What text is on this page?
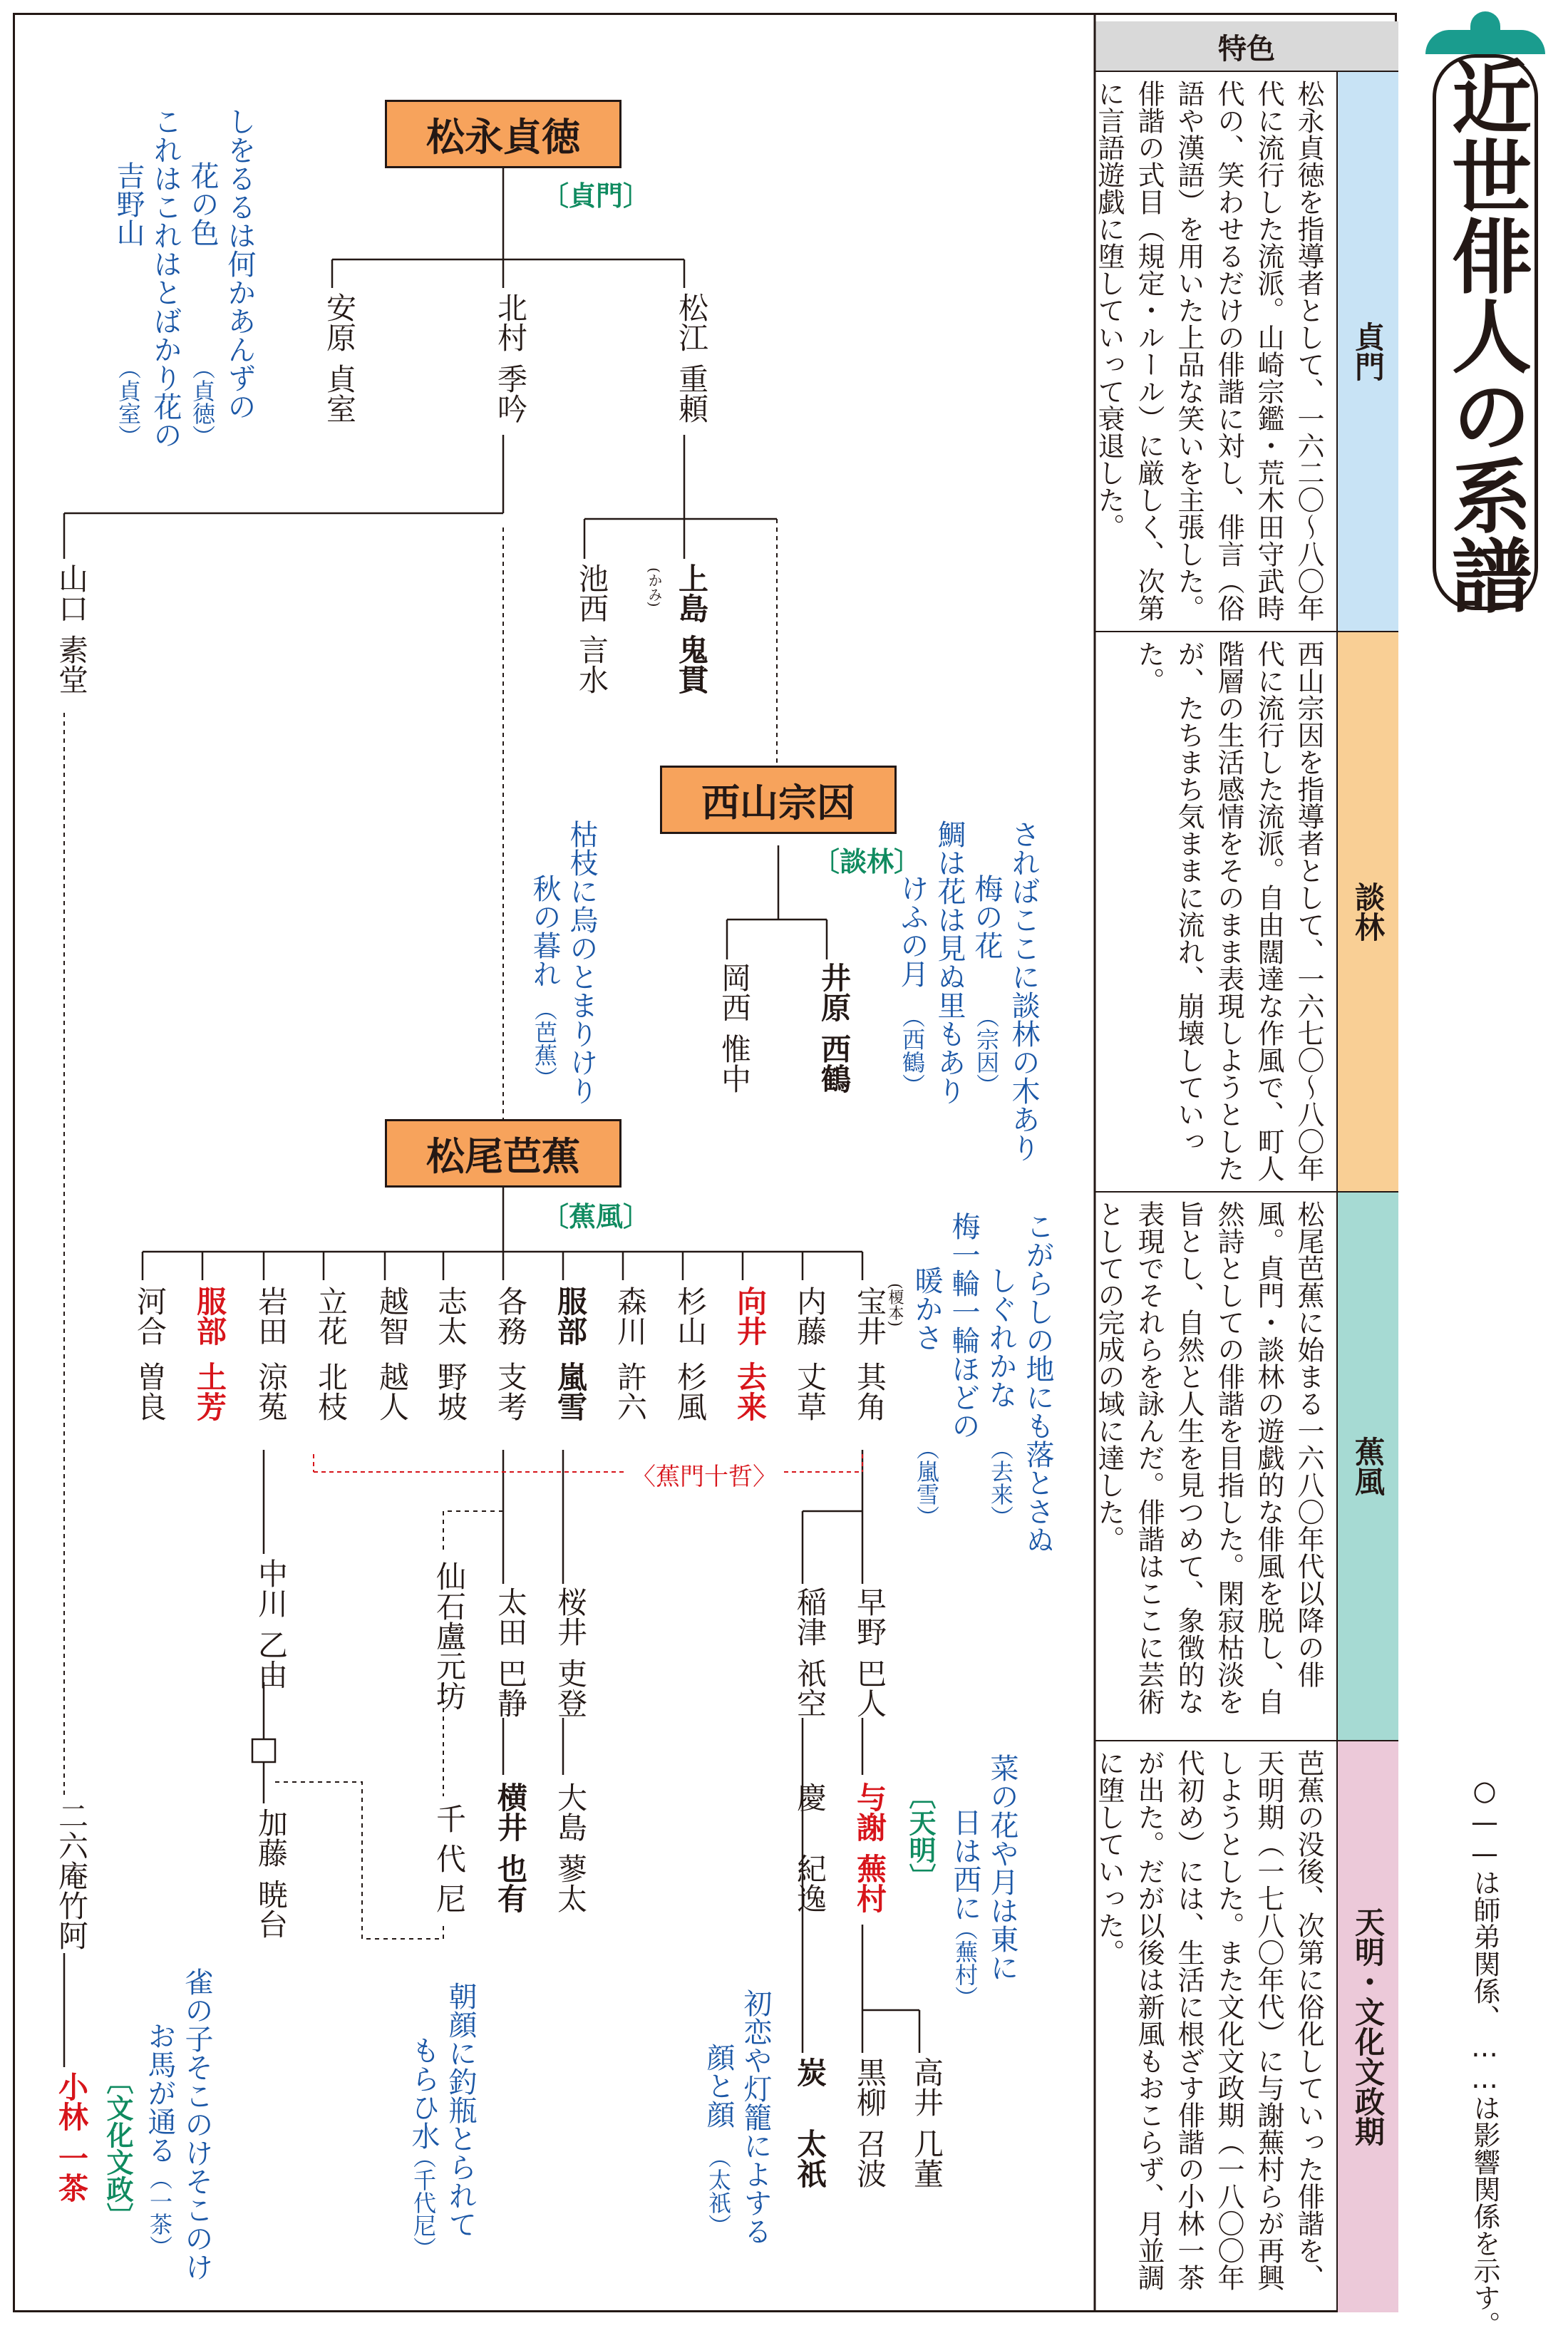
近世俳人の系譜
○——は師弟関係、……は影響関係を示す。
特色
貞門
松永貞徳を指導者として、一六二〇〜八〇年代に流行した流派。山崎宗鑑・荒木田守武時代の、笑わせるだけの俳諧に対し、俳言（俗語や漢語）を用いた上品な笑いを主張した。俳諧の式目（規定・ルール）に厳しく、次第に言語遊戯に堕していって衰退した。
談林
西山宗因を指導者として、一六七〇〜八〇年代に流行した流派。自由闊達な作風で、町人階層の生活感情をそのまま表現しようとしたが、たちまち気ままに流れ、崩壊していった。
蕉風
松尾芭蕉に始まる一六八〇年代以降の俳風。貞門・談林の遊戯的な俳風を脱し、自然詩としての俳諧を目指した。閑寂枯淡を旨とし、自然と人生を見つめて、象徴的な表現でそれらを詠んだ。俳諧はここに芸術としての完成の域に達した。
天明・文化文政期
芭蕉の没後、次第に俗化していった俳諧を、天明期（一七八〇年代）に与謝蕪村らが再興しようとした。また文化文政期（一八〇〇年代初め）には、生活に根ざす俳諧の小林一茶が出た。だが以後は新風もおこらず、月並調に堕していった。
松永貞徳
〔貞門〕
西山宗因
〔談林〕
松尾芭蕉
〔蕉風〕
松江
重頼
北村
季吟
安原
貞室
山口
素堂
池西
言水
上島
鬼貫
(かみ)
井原
西鶴
岡西
惟中
宝井
其角
(榎本)
内藤
丈草
向井
去来
杉山
杉風
森川
許六
服部
嵐雪
各務
支考
志太
野坡
越智
越人
立花
北枝
岩田
涼菟
服部
土芳
河合
曽良
〈蕉門十哲〉
早野
巴人
稲津
祇空
慶
紀逸
与謝
蕪村 〔天明〕
高井
几董
黒柳
召波
炭
太祇
桜井
吏登
大島
蓼太
太田
巴静
横井
也有
仙石盧元坊
千代尼
中川
乙由
加藤
暁台
二六庵竹阿
小林
一茶 〔文化文政〕
しをるるは何かあんずの
花の色
これはこれはとばかり花の
吉野山
（貞徳）
（貞室）
枯枝に烏のとまりけり
秋の暮れ
（芭蕉）	さればここに談林の木あり
梅の花
鯛は花は見ぬ里もあり
けふの月
（宗因）
（西鶴）
こがらしの地にも落とさぬ
しぐれかな
梅一輪一輪ほどの
暖かさ
（去来）
（嵐雪）
菜の花や月は東に
日は西に
（蕪村）
初恋や灯籠によする
顔と顔
（太祇）
朝顔に釣瓶とられて
もらひ水
（千代尼）
雀の子そこのけそこのけ
お馬が通る
（一茶）
